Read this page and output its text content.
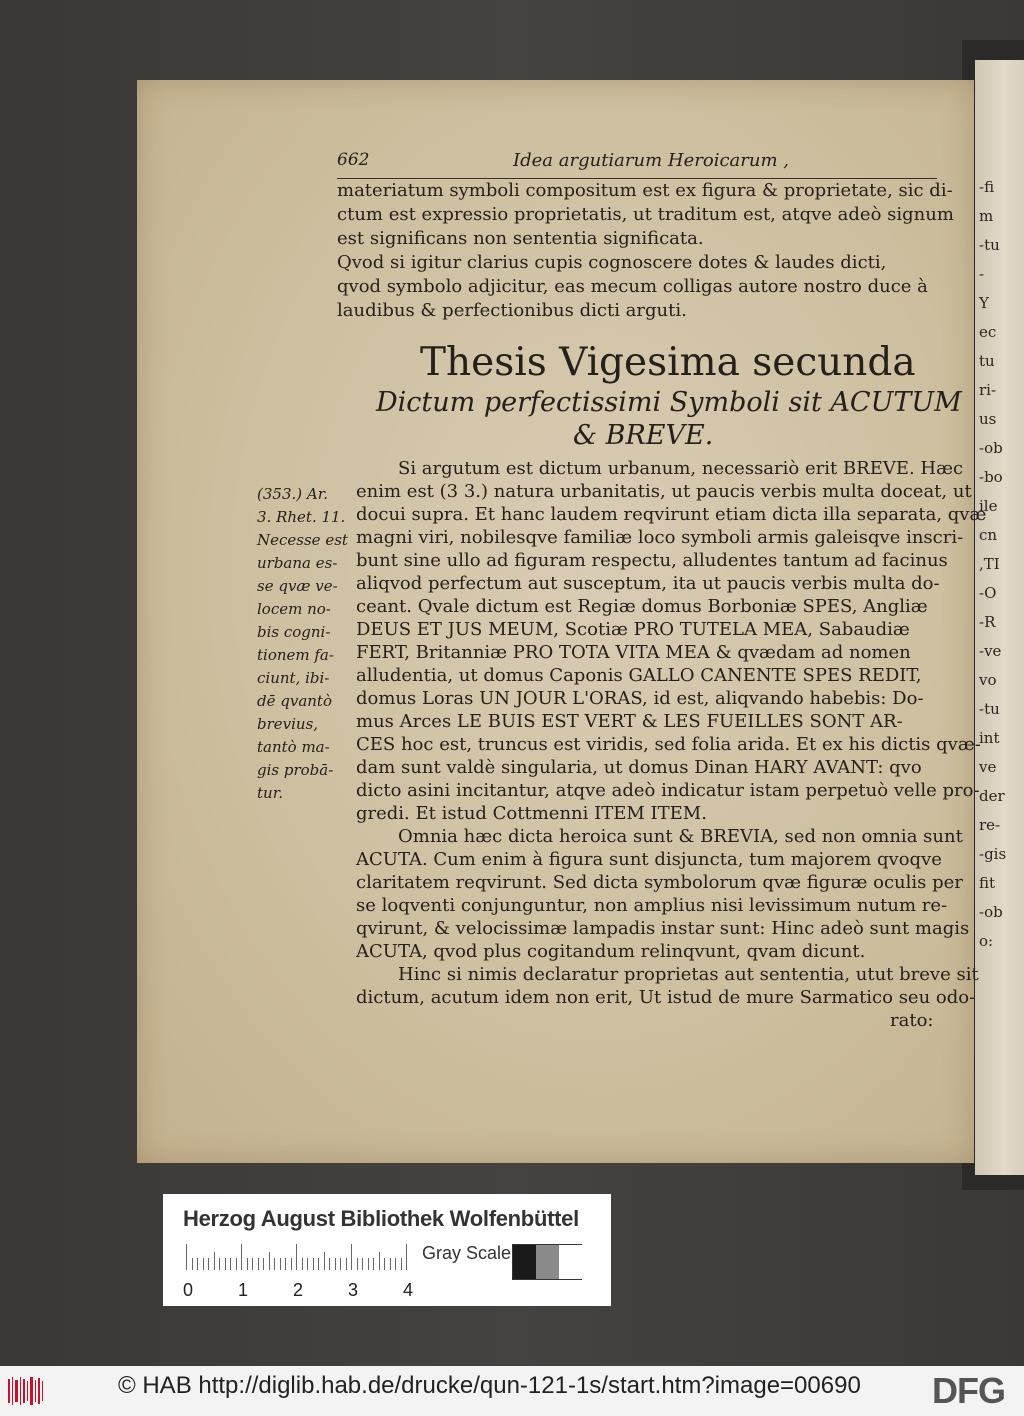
-fi
m
-tu
-
Y
ec
tu
ri-
us
-ob
-bo
ile
cn
,TI
-O
-R
-ve
vo
-tu
int
ve
der
re-
-gis
fit
-ob
o:
662	Idea argutiarum Heroicarum ,
materiatum symboli compositum est ex figura & proprietate, sic di-
ctum est expressio proprietatis, ut traditum est, atqve adeò signum
est significans non sententia significata.
Qvod si igitur clarius cupis cognoscere dotes & laudes dicti,
qvod symbolo adjicitur, eas mecum colligas autore nostro duce à
laudibus & perfectionibus dicti arguti.
Thesis Vigesima secunda
Dictum perfectissimi Symboli sit ACUTUM
& BREVE.
Si argutum est dictum urbanum, necessariò erit BREVE. Hæc
enim est (3 3.) natura urbanitatis, ut paucis verbis multa doceat, ut
docui supra. Et hanc laudem reqvirunt etiam dicta illa separata, qvæ
magni viri, nobilesqve familiæ loco symboli armis galeisqve inscri-
bunt sine ullo ad figuram respectu, alludentes tantum ad facinus
aliqvod perfectum aut susceptum, ita ut paucis verbis multa do-
ceant. Qvale dictum est Regiæ domus Borboniæ SPES, Angliæ
DEUS ET JUS MEUM, Scotiæ PRO TUTELA MEA, Sabaudiæ
FERT, Britanniæ PRO TOTA VITA MEA & qvædam ad nomen
alludentia, ut domus Caponis GALLO CANENTE SPES REDIT,
domus Loras UN JOUR L'ORAS, id est, aliqvando habebis: Do-
mus Arces LE BUIS EST VERT & LES FUEILLES SONT AR-
CES hoc est, truncus est viridis, sed folia arida. Et ex his dictis qvæ-
dam sunt valdè singularia, ut domus Dinan HARY AVANT: qvo
dicto asini incitantur, atqve adeò indicatur istam perpetuò velle pro-
gredi. Et istud Cottmenni ITEM ITEM.
Omnia hæc dicta heroica sunt & BREVIA, sed non omnia sunt
ACUTA. Cum enim à figura sunt disjuncta, tum majorem qvoqve
claritatem reqvirunt. Sed dicta symbolorum qvæ figuræ oculis per
se loqventi conjunguntur, non amplius nisi levissimum nutum re-
qvirunt, & velocissimæ lampadis instar sunt: Hinc adeò sunt magis
ACUTA, qvod plus cogitandum relinqvunt, qvam dicunt.
Hinc si nimis declaratur proprietas aut sententia, utut breve sit
dictum, acutum idem non erit, Ut istud de mure Sarmatico seu odo-
rato:
(353.) Ar.
3. Rhet. 11.
Necesse est
urbana es-
se qvæ ve-
locem no-
bis cogni-
tionem fa-
ciunt, ibi-
dē qvantò
brevius,
tantò ma-
gis probā-
tur.
Herzog August Bibliothek Wolfenbüttel
0 1 2 3 4
Gray Scale
© HAB http://diglib.hab.de/drucke/qun-121-1s/start.htm?image=00690 DFG
